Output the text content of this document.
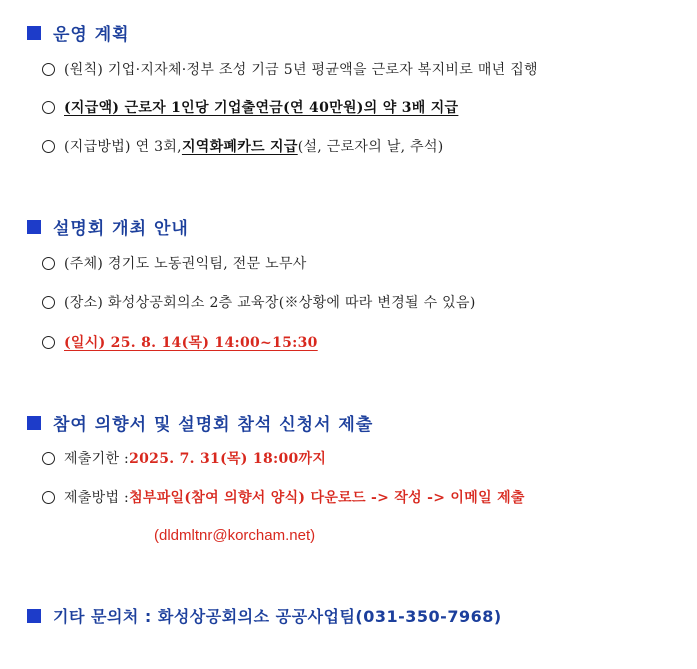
운영 계획
(원칙) 기업·지자체·정부 조성 기금 5년 평균액을 근로자 복지비로 매년 집행
(지급액) 근로자 1인당 기업출연금(연 40만원)의 약 3배 지급
(지급방법) 연 3회, 지역화폐카드 지급 (설, 근로자의 날, 추석)
설명회 개최 안내
(주체) 경기도 노동권익팀, 전문 노무사
(장소) 화성상공회의소 2층 교육장(※상황에 따라 변경될 수 있음)
(일시) 25. 8. 14(목) 14:00~15:30
참여 의향서 및 설명회 참석 신청서 제출
제출기한 : 2025. 7. 31(목) 18:00까지
제출방법 : 첨부파일(참여 의향서 양식) 다운로드 -> 작성 -> 이메일 제출
(dldmltnr@korcham.net)
기타 문의처 : 화성상공회의소 공공사업팀(031-350-7968)
